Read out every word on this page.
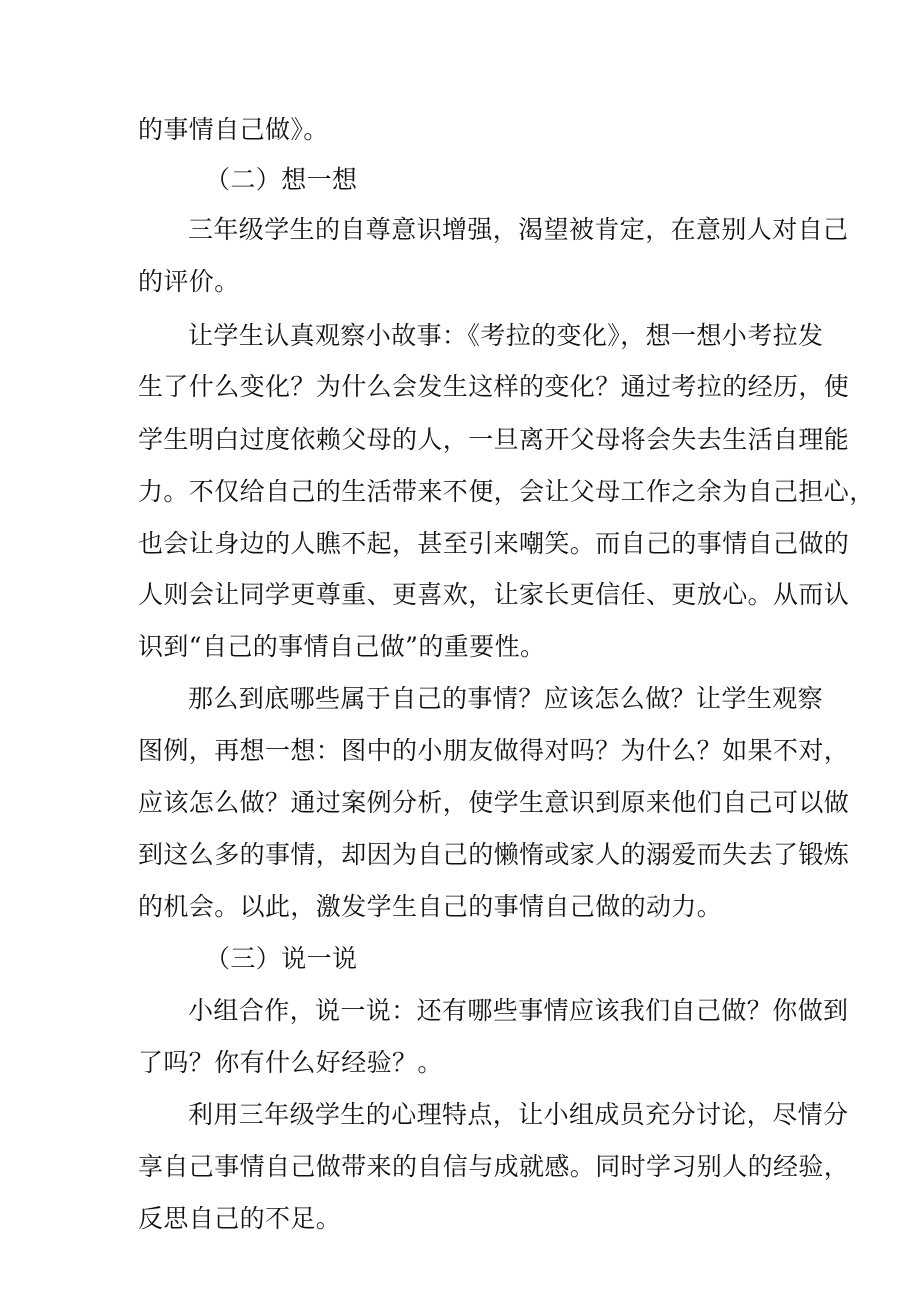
的事情自己做》。
（二）想一想
三年级学生的自尊意识增强，渴望被肯定，在意别人对自己
的评价。
让学生认真观察小故事：《考拉的变化》，想一想小考拉发
生了什么变化？为什么会发生这样的变化？通过考拉的经历，使
学生明白过度依赖父母的人，一旦离开父母将会失去生活自理能
力。不仅给自己的生活带来不便，会让父母工作之余为自己担心，
也会让身边的人瞧不起，甚至引来嘲笑。而自己的事情自己做的
人则会让同学更尊重、更喜欢，让家长更信任、更放心。从而认
识到“自己的事情自己做”的重要性。
那么到底哪些属于自己的事情？应该怎么做？让学生观察
图例，再想一想：图中的小朋友做得对吗？为什么？如果不对，
应该怎么做？通过案例分析，使学生意识到原来他们自己可以做
到这么多的事情，却因为自己的懒惰或家人的溺爱而失去了锻炼
的机会。以此，激发学生自己的事情自己做的动力。
（三）说一说
小组合作，说一说：还有哪些事情应该我们自己做？你做到
了吗？你有什么好经验？。
利用三年级学生的心理特点，让小组成员充分讨论，尽情分
享自己事情自己做带来的自信与成就感。同时学习别人的经验，
反思自己的不足。
